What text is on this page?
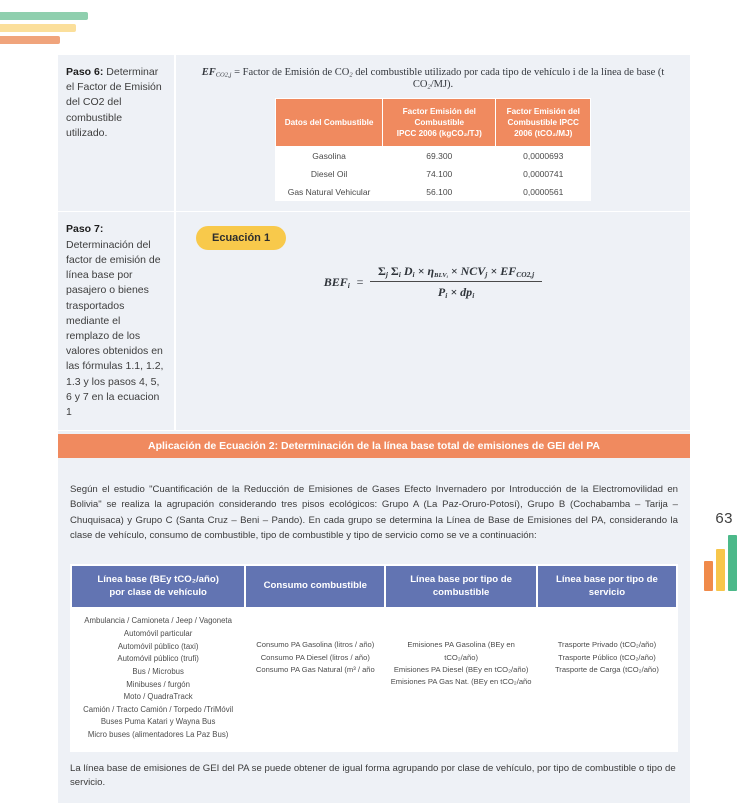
63
Paso 6: Determinar el Factor de Emisión del CO2 del combustible utilizado.
$EF_{CO2,j}$ = Factor de Emisión de $CO_2$ del combustible utilizado por cada tipo de vehículo i de la línea de base (t $CO_2/MJ$).
Datos del Combustible

Factor Emisión del Combustible
IPCC 2006 (kgCO₂/TJ)

Factor Emisión del
Combustible IPCC
2006 (tCO₂/MJ)

Gasolina	69.300	0,0000693
Diesel Oil	74.100	0,0000741
Gas Natural Vehicular	56.100	0,0000561
Paso 7: Determinación del factor de emisión de línea base por pasajero o bienes trasportados mediante el remplazo de los valores obtenidos en las fórmulas 1.1, 1.2, 1.3 y los pasos 4, 5, 6 y 7 en la ecuacion 1
Ecuación 1
$BEF_i = \frac{\Sigma_j \Sigma_i D_i \times \eta_{BLV_i} \times NCV_j \times EF_{CO2,j}}{P_i \times dp_i}$
Aplicación de Ecuación 2: Determinación de la línea base total de emisiones de GEI del PA

Según el estudio "Cuantificación de la Reducción de Emisiones de Gases Efecto Invernadero por Introducción de la Electromovilidad en Bolivia" se realiza la agrupación considerando tres pisos ecológicos: Grupo A (La Paz-Oruro-Potosí), Grupo B (Cochabamba – Tarija – Chuquisaca) y Grupo C (Santa Cruz – Beni – Pando). En cada grupo se determina la Línea de Base de Emisiones del PA, considerando la clase de vehículo, consumo de combustible, tipo de combustible y tipo de servicio como se ve a continuación:

Línea base (BEy tCO₂/año)
por clase de vehículo

Consumo combustible

Línea base por tipo de
combustible

Línea base por tipo de servicio

Ambulancia / Camioneta / Jeep / Vagoneta
Automóvil particular
Automóvil público (taxi)
Automóvil público (trufi)
Bus / Microbus
Minibuses / furgón
Moto / QuadraTrack
Camión / Tracto Camión / Torpedo /TriMóvil
Buses Puma Katari y Wayna Bus
Micro buses (alimentadores La Paz Bus)

Consumo PA Gasolina (litros / año)
Consumo PA Diesel (litros / año)
Consumo PA Gas Natural (m³ / año

Emisiones PA Gasolina (BEy en tCO₂/año)
Emisiones PA Diesel (BEy en tCO₂/año)
Emisiones PA Gas Nat. (BEy en tCO₂/año

Trasporte Privado (tCO₂/año)
Trasporte Público (tCO₂/año)
Trasporte de Carga (tCO₂/año)
La línea base de emisiones de GEI del PA se puede obtener de igual forma agrupando por clase de vehículo, por tipo de combustible o tipo de servicio.
